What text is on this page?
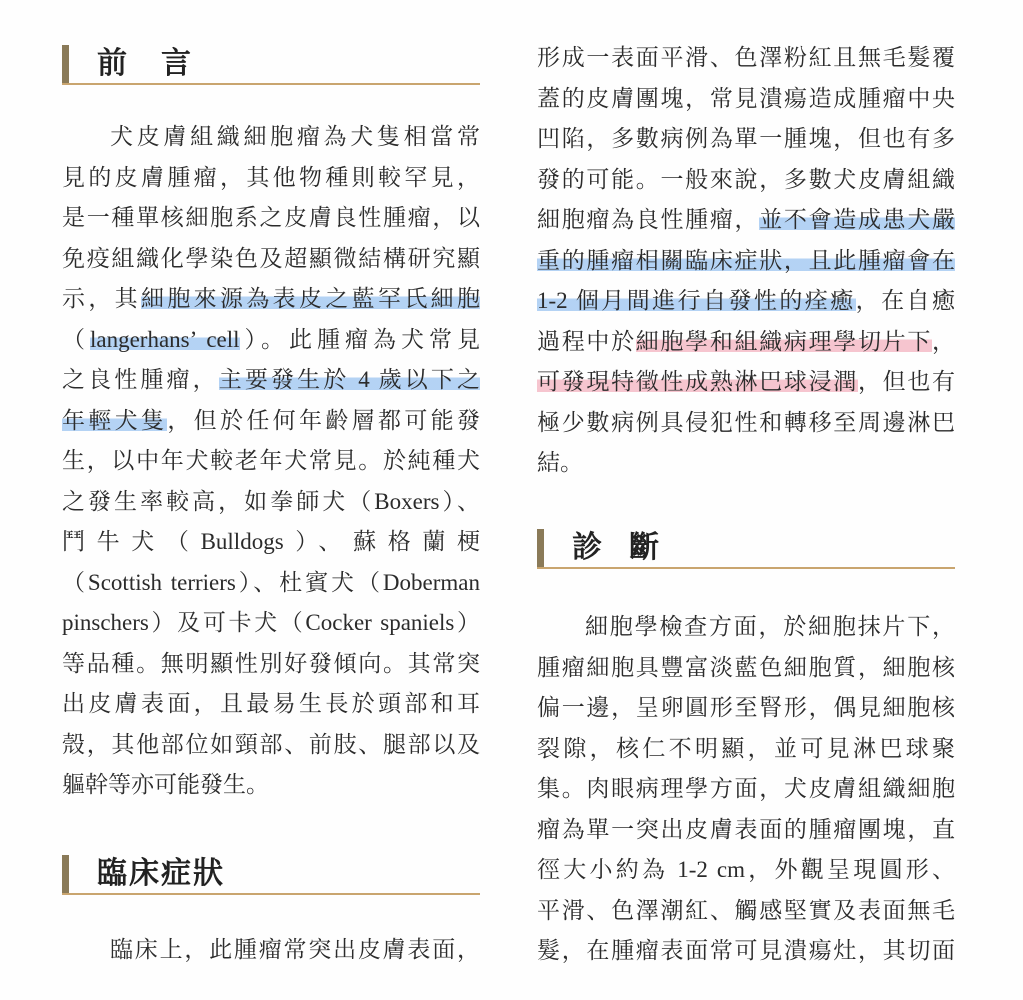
前言
犬皮膚組織細胞瘤為犬隻相當常
見的皮膚腫瘤，其他物種則較罕見，
是一種單核細胞系之皮膚良性腫瘤，以
免疫組織化學染色及超顯微結構研究顯
示，其細胞來源為表皮之藍罕氏細胞
（langerhans’ cell）。此腫瘤為犬常見
之良性腫瘤，主要發生於 4 歲以下之
年輕犬隻，但於任何年齡層都可能發
生，以中年犬較老年犬常見。於純種犬
之發生率較高，如拳師犬（Boxers）、
鬥牛犬（Bulldogs）、蘇格蘭梗
（Scottish terriers）、杜賓犬（Doberman
pinschers）及可卡犬（Cocker spaniels）
等品種。無明顯性別好發傾向。其常突
出皮膚表面，且最易生長於頭部和耳
殼，其他部位如頸部、前肢、腿部以及
軀幹等亦可能發生。
臨床症狀
臨床上，此腫瘤常突出皮膚表面，
形成一表面平滑、色澤粉紅且無毛髮覆
蓋的皮膚團塊，常見潰瘍造成腫瘤中央
凹陷，多數病例為單一腫塊，但也有多
發的可能。一般來說，多數犬皮膚組織
細胞瘤為良性腫瘤，並不會造成患犬嚴
重的腫瘤相關臨床症狀，且此腫瘤會在
1-2 個月間進行自發性的痊癒，在自癒
過程中於細胞學和組織病理學切片下，
可發現特徵性成熟淋巴球浸潤，但也有
極少數病例具侵犯性和轉移至周邊淋巴
結。
診斷
細胞學檢查方面，於細胞抹片下，
腫瘤細胞具豐富淡藍色細胞質，細胞核
偏一邊，呈卵圓形至腎形，偶見細胞核
裂隙，核仁不明顯，並可見淋巴球聚
集。肉眼病理學方面，犬皮膚組織細胞
瘤為單一突出皮膚表面的腫瘤團塊，直
徑大小約為 1-2 cm，外觀呈現圓形、
平滑、色澤潮紅、觸感堅實及表面無毛
髮，在腫瘤表面常可見潰瘍灶，其切面
